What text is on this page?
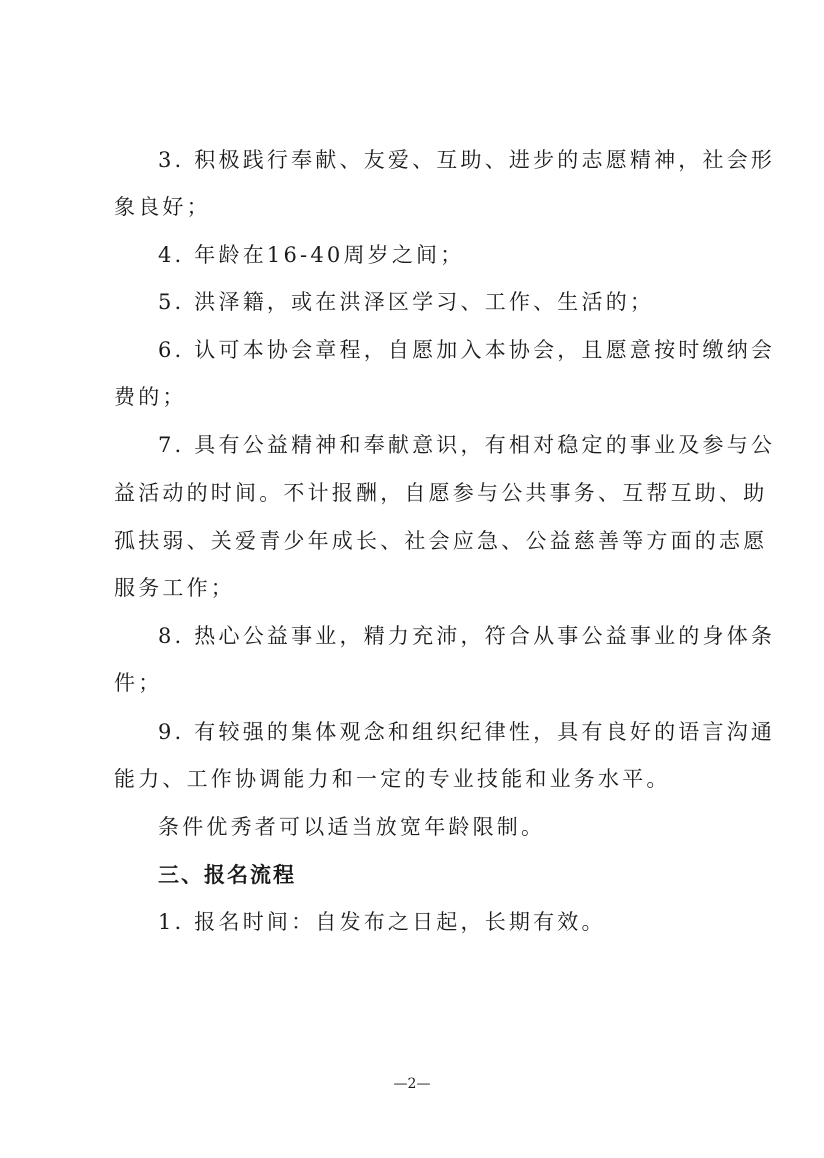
3. 积极践行奉献、友爱、互助、进步的志愿精神，社会形
象良好；
4. 年龄在16-40周岁之间；
5. 洪泽籍，或在洪泽区学习、工作、生活的；
6. 认可本协会章程，自愿加入本协会，且愿意按时缴纳会
费的；
7. 具有公益精神和奉献意识，有相对稳定的事业及参与公
益活动的时间。不计报酬，自愿参与公共事务、互帮互助、助
孤扶弱、关爱青少年成长、社会应急、公益慈善等方面的志愿
服务工作；
8. 热心公益事业，精力充沛，符合从事公益事业的身体条
件；
9. 有较强的集体观念和组织纪律性，具有良好的语言沟通
能力、工作协调能力和一定的专业技能和业务水平。
条件优秀者可以适当放宽年龄限制。
三、报名流程
1. 报名时间：自发布之日起，长期有效。
—2—
